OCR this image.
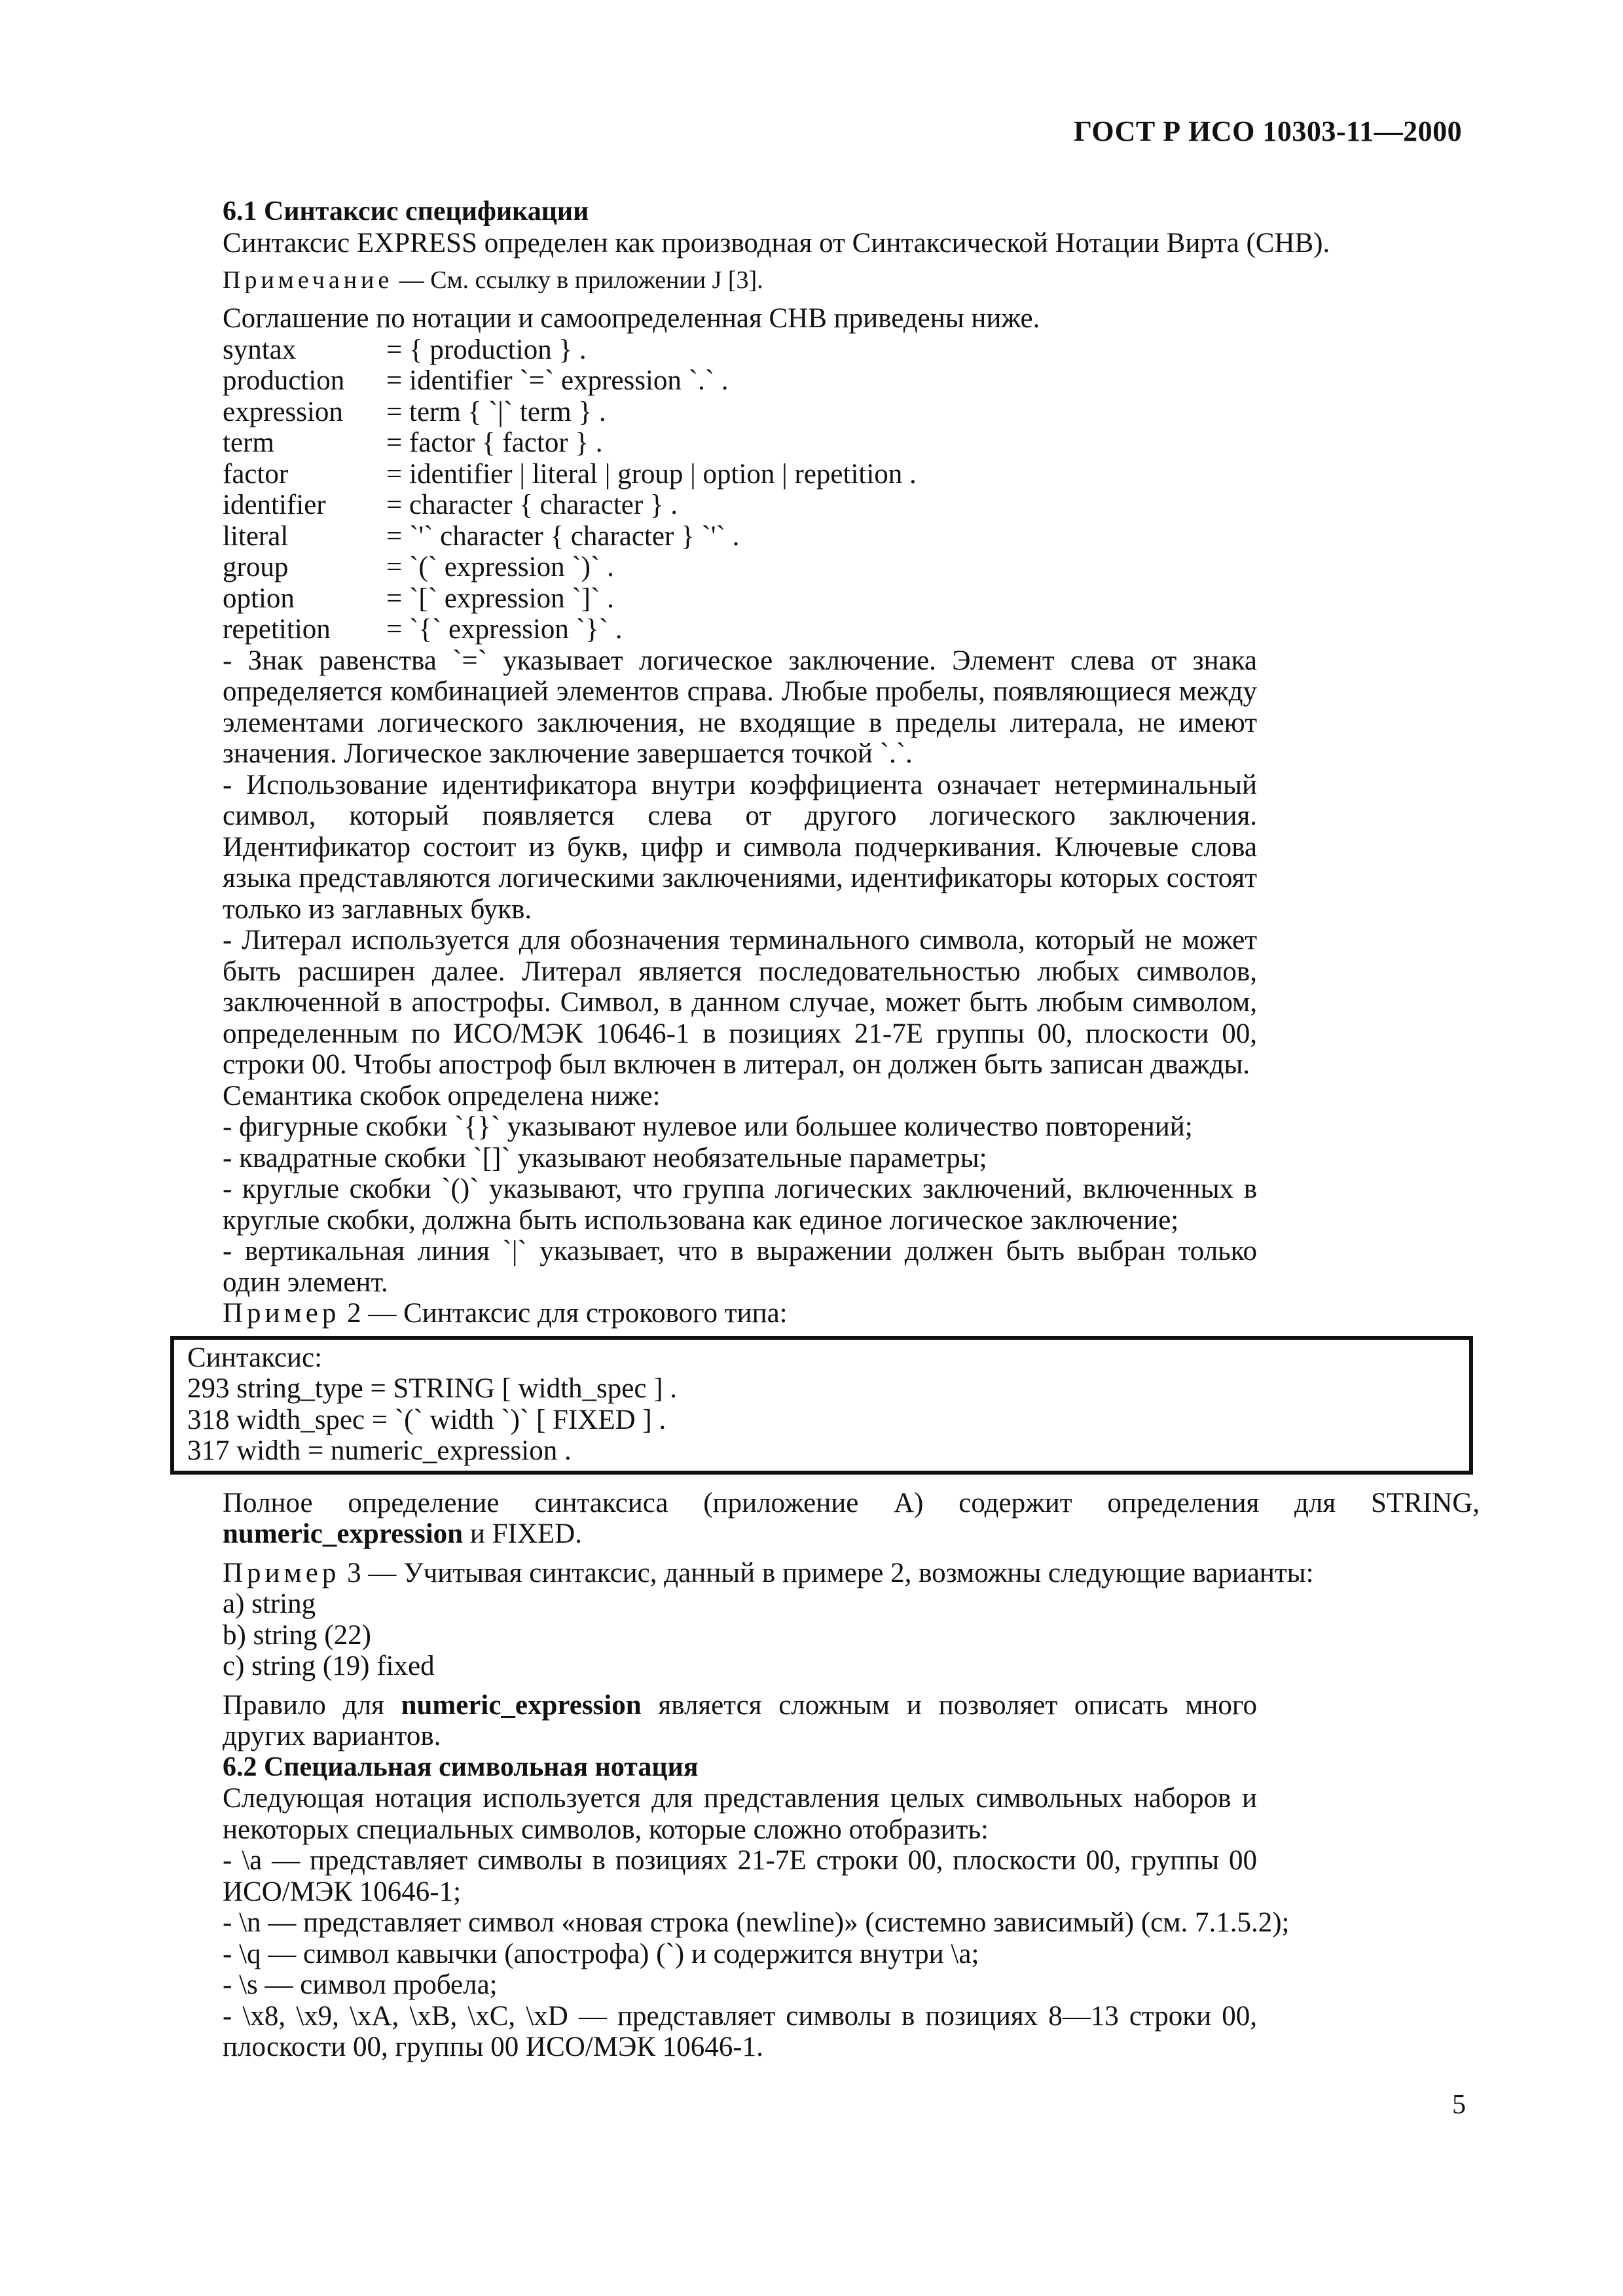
ГОСТ Р ИСО 10303-11—2000

6.1 Синтаксис спецификации

Синтаксис EXPRESS определен как производная от Синтаксической Нотации Вирта (СНВ).

Примечание — См. ссылку в приложении J [3].

Соглашение по нотации и самоопределенная СНВ приведены ниже.

syntax	= { production } .
production	= identifier `=` expression `.` .
expression	= term { `|` term } .
term	= factor { factor } .
factor	= identifier | literal | group | option | repetition .
identifier	= character { character } .
literal	= `'` character { character } `'` .
group	= `(` expression `)` .
option	= `[` expression `]` .
repetition	= `{` expression `}` .

- Знак равенства `=` указывает логическое заключение. Элемент слева от знака определяется комбинацией элементов справа. Любые пробелы, появляющиеся между элементами логического заключения, не входящие в пределы литерала, не имеют значения. Логическое заключение завершается точкой `.`.

- Использование идентификатора внутри коэффициента означает нетерминальный символ, который появляется слева от другого логического заключения. Идентификатор состоит из букв, цифр и символа подчеркивания. Ключевые слова языка представляются логическими заключениями, идентификаторы которых состоят только из заглавных букв.

- Литерал используется для обозначения терминального символа, который не может быть расширен далее. Литерал является последовательностью любых символов, заключенной в апострофы. Символ, в данном случае, может быть любым символом, определенным по ИСО/МЭК 10646-1 в позициях 21-7E группы 00, плоскости 00, строки 00. Чтобы апостроф был включен в литерал, он должен быть записан дважды.

Семантика скобок определена ниже:

- фигурные скобки `{}` указывают нулевое или большее количество повторений;

- квадратные скобки `[]` указывают необязательные параметры;

- круглые скобки `()` указывают, что группа логических заключений, включенных в круглые скобки, должна быть использована как единое логическое заключение;

- вертикальная линия `|` указывает, что в выражении должен быть выбран только один элемент.

Пример 2 — Синтаксис для строкового типа:

Синтаксис:
293 string_type = STRING [ width_spec ] .
318 width_spec = `(` width `)` [ FIXED ] .
317 width = numeric_expression .

Полное определение синтаксиса (приложение А) содержит определения для STRING,

numeric_expression и FIXED.

Пример 3 — Учитывая синтаксис, данный в примере 2, возможны следующие варианты:

a) string

b) string (22)

c) string (19) fixed

Правило для numeric_expression является сложным и позволяет описать много других вариантов.

6.2 Специальная символьная нотация

Следующая нотация используется для представления целых символьных наборов и некоторых специальных символов, которые сложно отобразить:

- \a — представляет символы в позициях 21-7E строки 00, плоскости 00, группы 00 ИСО/МЭК 10646-1;

- \n — представляет символ «новая строка (newline)» (системно зависимый) (см. 7.1.5.2);

- \q — символ кавычки (апострофа) (`) и содержится внутри \a;

- \s — символ пробела;

- \x8, \x9, \xA, \xB, \xC, \xD — представляет символы в позициях 8—13 строки 00, плоскости 00, группы 00 ИСО/МЭК 10646-1.

5
